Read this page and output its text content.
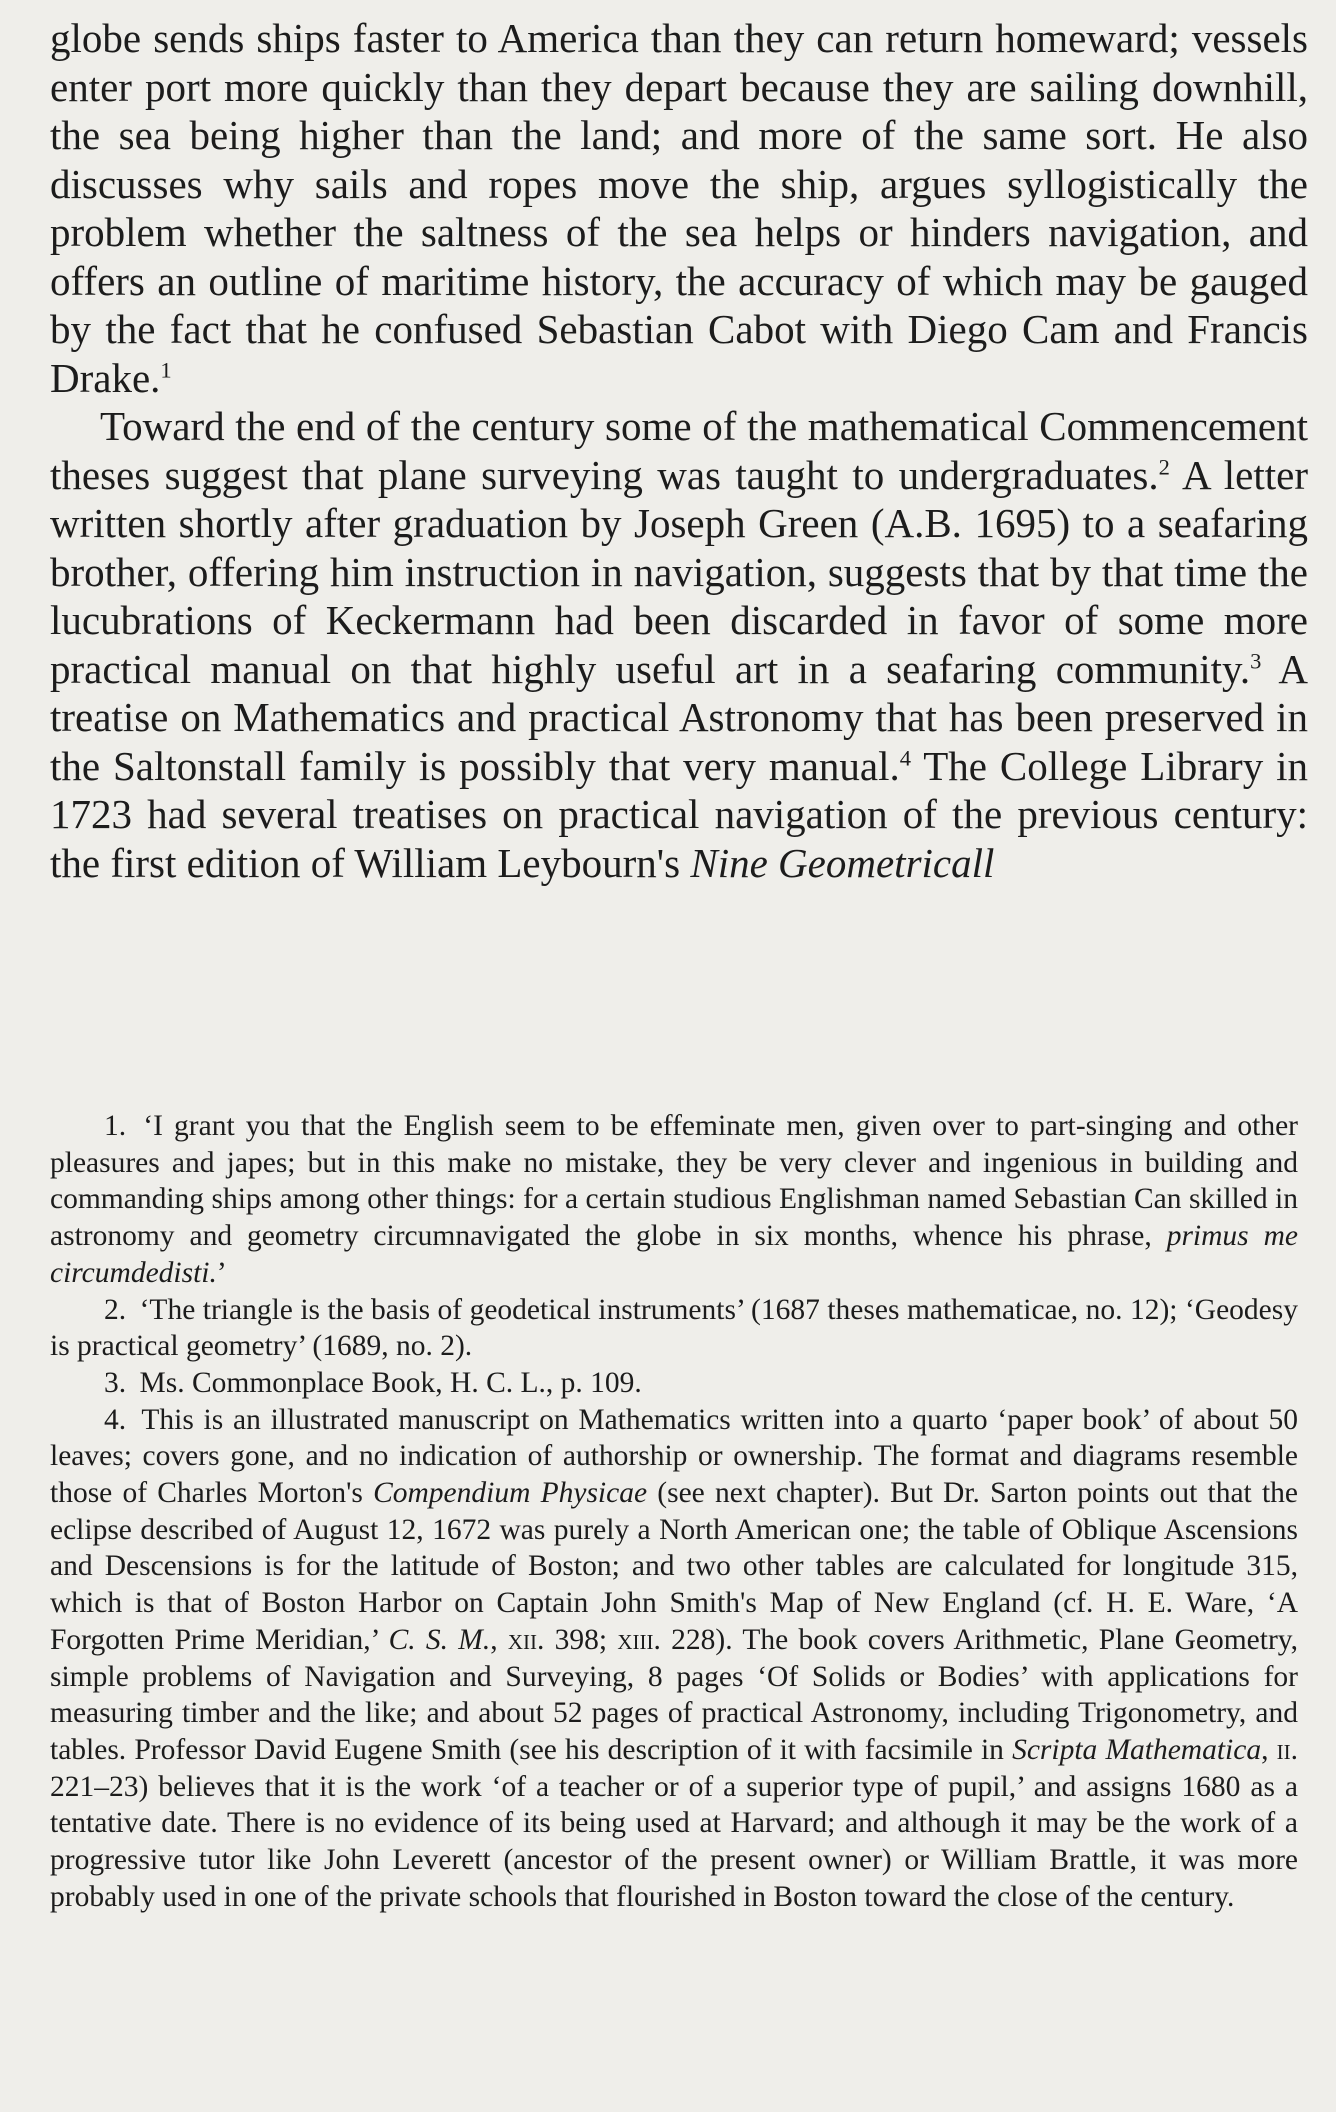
globe sends ships faster to America than they can return homeward; vessels enter port more quickly than they depart because they are sailing downhill, the sea being higher than the land; and more of the same sort. He also discusses why sails and ropes move the ship, argues syllogistically the problem whether the saltness of the sea helps or hinders navigation, and offers an outline of maritime history, the accuracy of which may be gauged by the fact that he confused Sebastian Cabot with Diego Cam and Francis Drake.$^1$

Toward the end of the century some of the mathematical Commencement theses suggest that plane surveying was taught to undergraduates.$^2$ A letter written shortly after graduation by Joseph Green (A.B. 1695) to a seafaring brother, offering him instruction in navigation, suggests that by that time the lucubrations of Keckermann had been discarded in favor of some more practical manual on that highly useful art in a seafaring community.$^3$ A treatise on Mathematics and practical Astronomy that has been preserved in the Saltonstall family is possibly that very manual.$^4$ The College Library in 1723 had several treatises on practical navigation of the previous century: the first edition of William Leybourn's Nine Geometricall

1. ‘I grant you that the English seem to be effeminate men, given over to part-singing and other pleasures and japes; but in this make no mistake, they be very clever and ingenious in building and commanding ships among other things: for a certain studious Englishman named Sebastian Can skilled in astronomy and geometry circumnavigated the globe in six months, whence his phrase, primus me circumdedisti.’

2. ‘The triangle is the basis of geodetical instruments’ (1687 theses mathematicae, no. 12); ‘Geodesy is practical geometry’ (1689, no. 2).

3. Ms. Commonplace Book, H. C. L., p. 109.

4. This is an illustrated manuscript on Mathematics written into a quarto ‘paper book’ of about 50 leaves; covers gone, and no indication of authorship or ownership. The format and diagrams resemble those of Charles Morton's Compendium Physicae (see next chapter). But Dr. Sarton points out that the eclipse described of August 12, 1672 was purely a North American one; the table of Oblique Ascensions and Descensions is for the latitude of Boston; and two other tables are calculated for longitude 315, which is that of Boston Harbor on Captain John Smith's Map of New England (cf. H. E. Ware, ‘A Forgotten Prime Meridian,’ C. S. M., xii. 398; xiii. 228). The book covers Arithmetic, Plane Geometry, simple problems of Navigation and Surveying, 8 pages ‘Of Solids or Bodies’ with applications for measuring timber and the like; and about 52 pages of practical Astronomy, including Trigonometry, and tables. Professor David Eugene Smith (see his description of it with facsimile in Scripta Mathematica, ii. 221–23) believes that it is the work ‘of a teacher or of a superior type of pupil,’ and assigns 1680 as a tentative date. There is no evidence of its being used at Harvard; and although it may be the work of a progressive tutor like John Leverett (ancestor of the present owner) or William Brattle, it was more probably used in one of the private schools that flourished in Boston toward the close of the century.
